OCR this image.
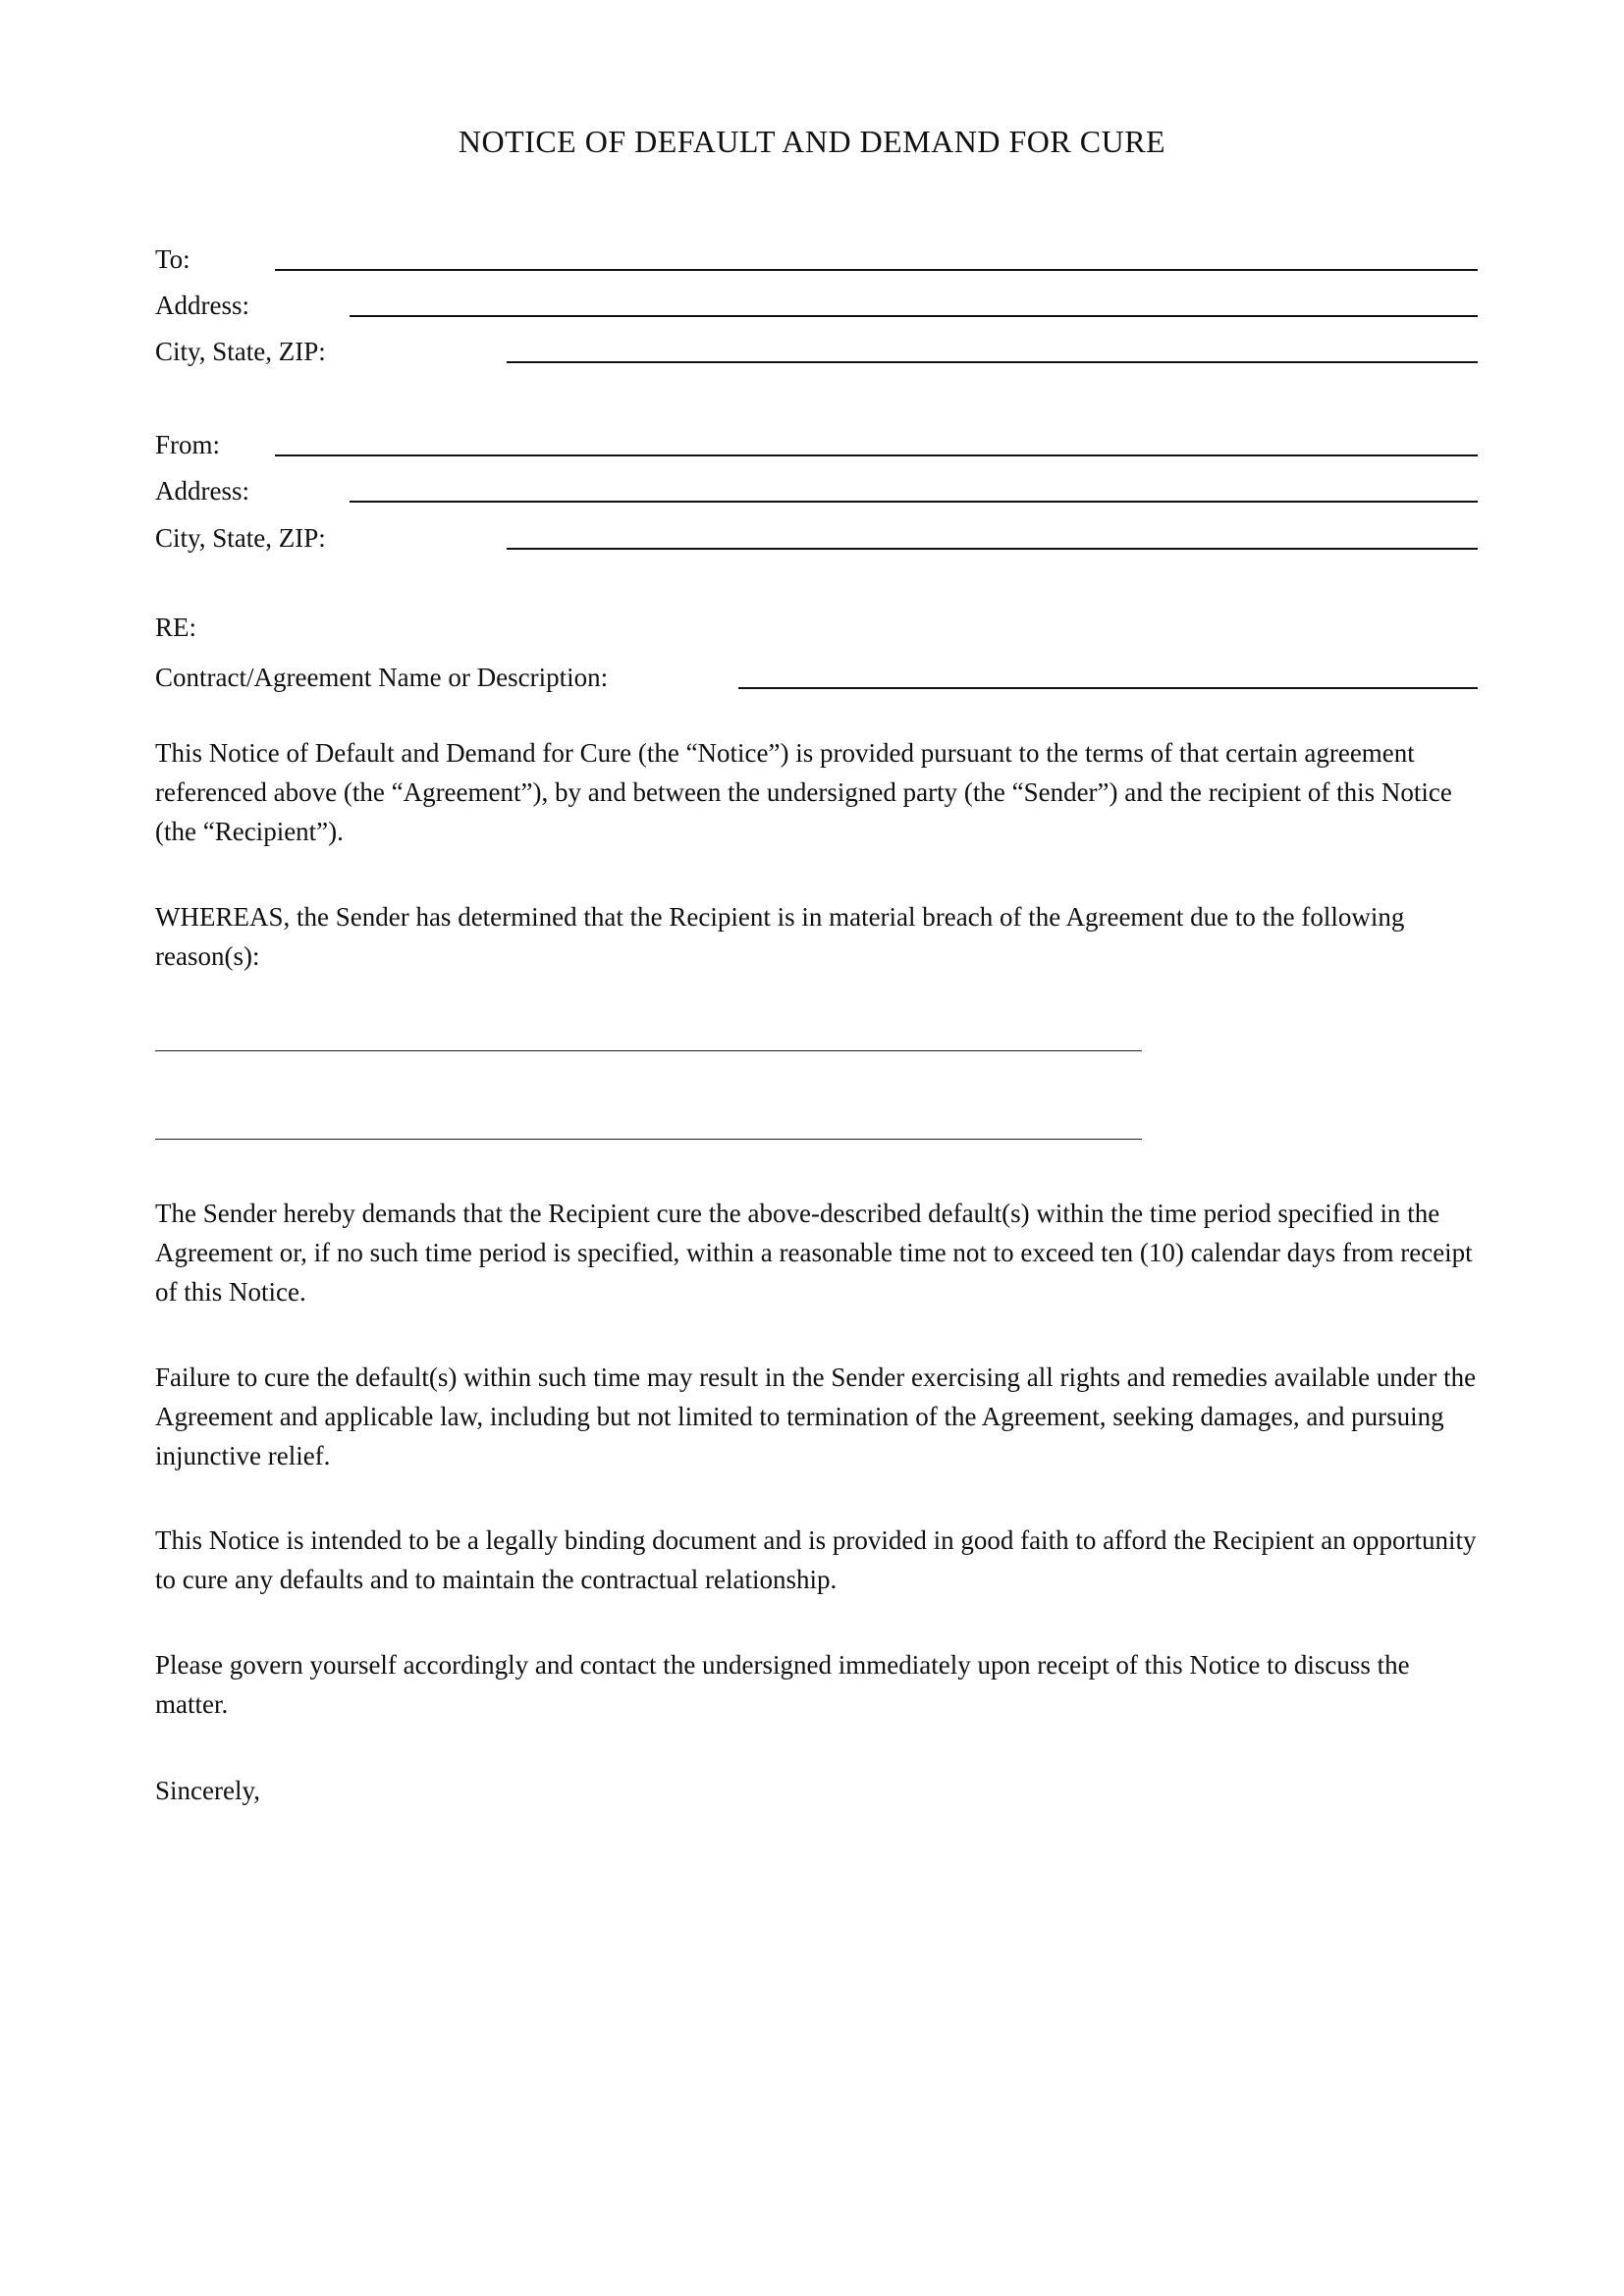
NOTICE OF DEFAULT AND DEMAND FOR CURE
To:
Address:
City, State, ZIP:
From:
Address:
City, State, ZIP:
RE:
Contract/Agreement Name or Description:

This Notice of Default and Demand for Cure (the “Notice”) is provided pursuant to the terms of that certain agreement referenced above (the “Agreement”), by and between the undersigned party (the “Sender”) and the recipient of this Notice (the “Recipient”).

WHEREAS, the Sender has determined that the Recipient is in material breach of the Agreement due to the following reason(s):

The Sender hereby demands that the Recipient cure the above-described default(s) within the time period specified in the Agreement or, if no such time period is specified, within a reasonable time not to exceed ten (10) calendar days from receipt of this Notice.

Failure to cure the default(s) within such time may result in the Sender exercising all rights and remedies available under the Agreement and applicable law, including but not limited to termination of the Agreement, seeking damages, and pursuing injunctive relief.

This Notice is intended to be a legally binding document and is provided in good faith to afford the Recipient an opportunity to cure any defaults and to maintain the contractual relationship.

Please govern yourself accordingly and contact the undersigned immediately upon receipt of this Notice to discuss the matter.

Sincerely,
